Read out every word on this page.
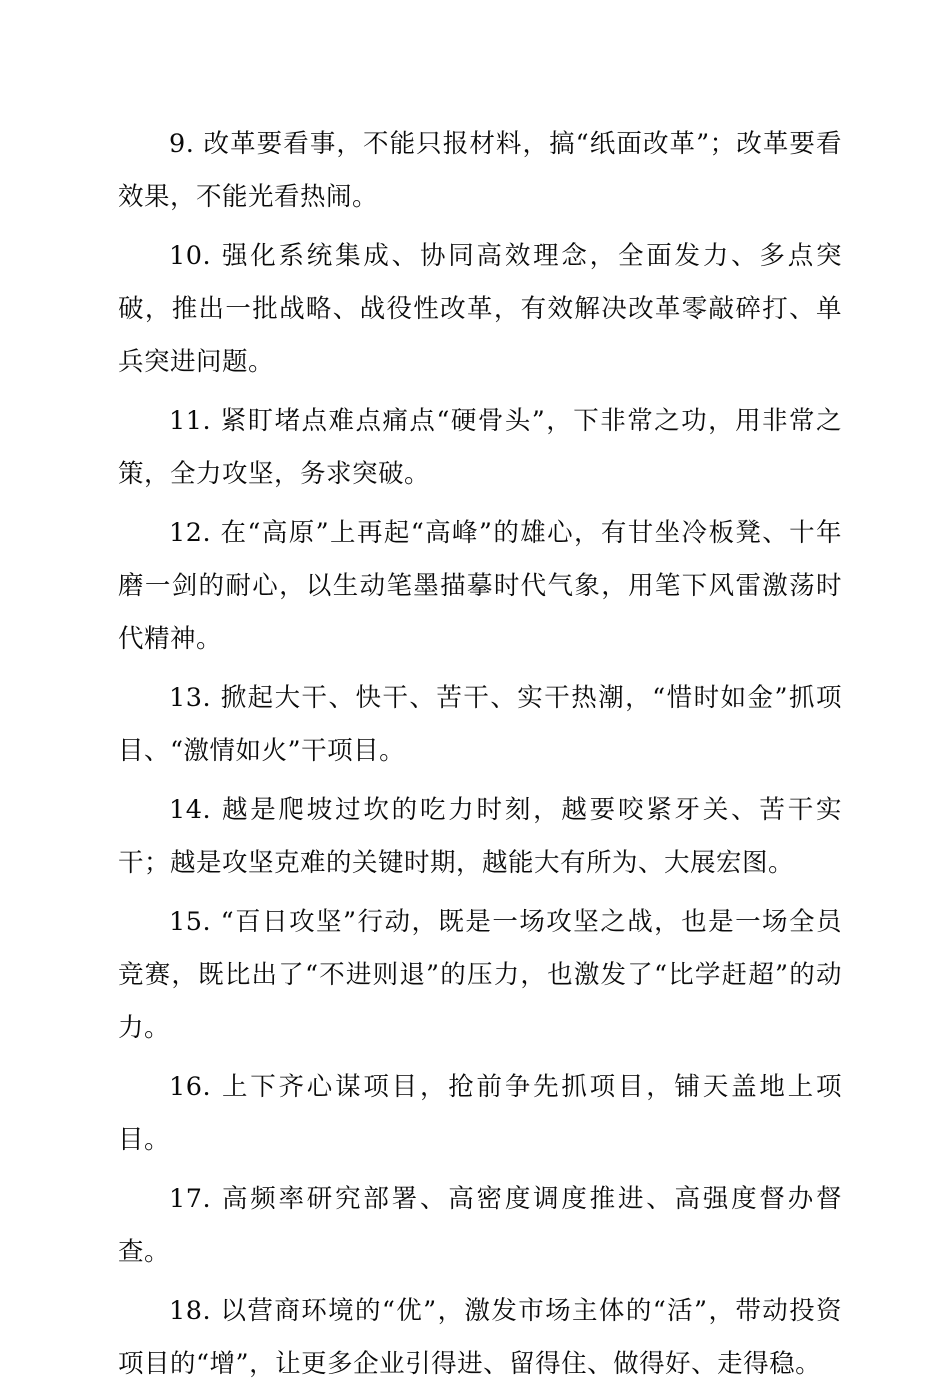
9. 改革要看事，不能只报材料，搞“纸面改革”；改革要看效果，不能光看热闹。

10. 强化系统集成、协同高效理念，全面发力、多点突破，推出一批战略、战役性改革，有效解决改革零敲碎打、单兵突进问题。

11. 紧盯堵点难点痛点“硬骨头”，下非常之功，用非常之策，全力攻坚，务求突破。

12. 在“高原”上再起“高峰”的雄心，有甘坐冷板凳、十年磨一剑的耐心，以生动笔墨描摹时代气象，用笔下风雷激荡时代精神。

13. 掀起大干、快干、苦干、实干热潮，“惜时如金”抓项目、“激情如火”干项目。

14. 越是爬坡过坎的吃力时刻，越要咬紧牙关、苦干实干；越是攻坚克难的关键时期，越能大有所为、大展宏图。

15. “百日攻坚”行动，既是一场攻坚之战，也是一场全员竞赛，既比出了“不进则退”的压力，也激发了“比学赶超”的动力。

16. 上下齐心谋项目，抢前争先抓项目，铺天盖地上项目。

17. 高频率研究部署、高密度调度推进、高强度督办督查。

18. 以营商环境的“优”，激发市场主体的“活”，带动投资项目的“增”，让更多企业引得进、留得住、做得好、走得稳。
